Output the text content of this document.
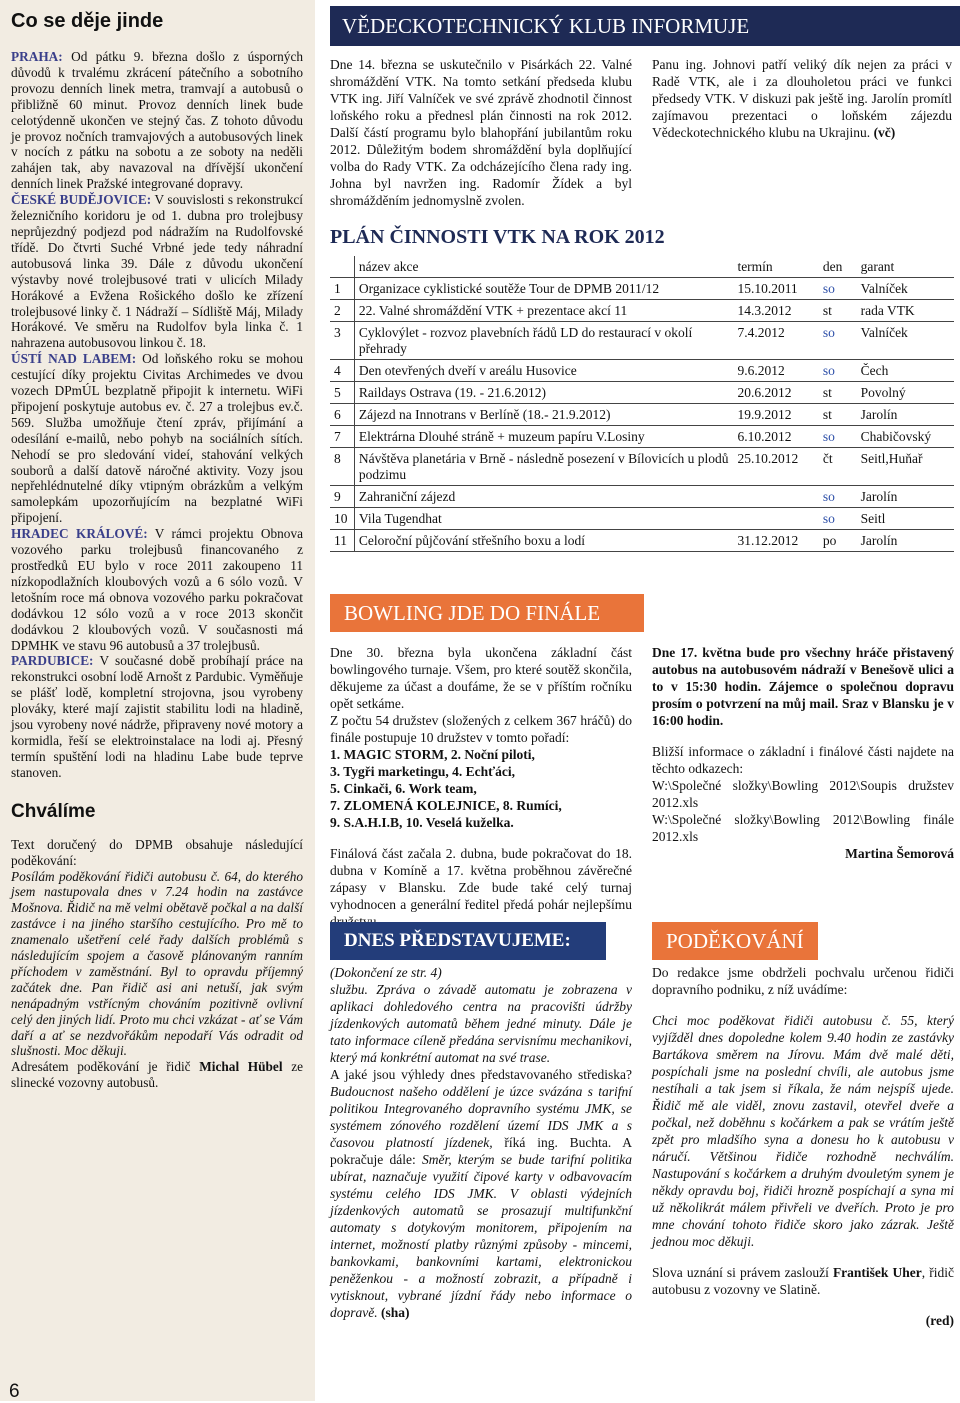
Co se děje jinde

PRAHA: Od pátku 9. března došlo z úsporných důvodů k trvalému zkrácení pátečního a sobotního provozu denních linek metra, tramvají a autobusů o přibližně 60 minut. Provoz denních linek bude celotýdenně ukončen ve stejný čas. Z tohoto důvodu je provoz nočních tramvajových a autobusových linek v nocích z pátku na sobotu a ze soboty na neděli zahájen tak, aby navazoval na dřívější ukončení denních linek Pražské integrované dopravy.

ČESKÉ BUDĚJOVICE: V souvislosti s rekonstrukcí železničního koridoru je od 1. dubna pro trolejbusy neprůjezdný podjezd pod nádražím na Rudolfovské třídě. Do čtvrti Suché Vrbné jede tedy náhradní autobusová linka 39. Dále z důvodu ukončení výstavby nové trolejbusové trati v ulicích Milady Horákové a Evžena Rošického došlo ke zřízení trolejbusové linky č. 1 Nádraží – Sídliště Máj, Milady Horákové. Ve směru na Rudolfov byla linka č. 1 nahrazena autobusovou linkou č. 18.

ÚSTÍ NAD LABEM: Od loňského roku se mohou cestující díky projektu Civitas Archimedes ve dvou vozech DPmÚL bezplatně připojit k internetu. WiFi připojení poskytuje autobus ev. č. 27 a trolejbus ev.č. 569. Služba umožňuje čtení zpráv, přijímání a odesílání e-mailů, nebo pohyb na sociálních sítích. Nehodí se pro sledování videí, stahování velkých souborů a další datově náročné aktivity. Vozy jsou nepřehlédnutelné díky vtipným obrázkům a velkým samolepkám upozorňujícím na bezplatné WiFi připojení.

HRADEC KRÁLOVÉ: V rámci projektu Obnova vozového parku trolejbusů financovaného z prostředků EU bylo v roce 2011 zakoupeno 11 nízkopodlažních kloubových vozů a 6 sólo vozů. V letošním roce má obnova vozového parku pokračovat dodávkou 12 sólo vozů a v roce 2013 skončit dodávkou 2 kloubových vozů. V současnosti má DPMHK ve stavu 96 autobusů a 37 trolejbusů.

PARDUBICE: V současné době probíhají práce na rekonstrukci osobní lodě Arnošt z Pardubic. Vyměňuje se plášť lodě, kompletní strojovna, jsou vyrobeny plováky, které mají zajistit stabilitu lodi na hladině, jsou vyrobeny nové nádrže, připraveny nové motory a kormidla, řeší se elektroinstalace na lodi aj. Přesný termín spuštění lodi na hladinu Labe bude teprve stanoven.

Chválíme

Text doručený do DPMB obsahuje následující poděkování:

Posílám poděkování řidiči autobusu č. 64, do kterého jsem nastupovala dnes v 7.24 hodin na zastávce Mošnova. Řidič na mě velmi obětavě počkal a na další zastávce i na jiného staršího cestujícího. Pro mě to znamenalo ušetření celé řady dalších problémů s následujícím spojem a časově plánovaným ranním příchodem v zaměstnání. Byl to opravdu příjemný začátek dne. Pan řidič asi ani netuší, jak svým nenápadným vstřícným chováním pozitivně ovlivní celý den jiných lidí. Proto mu chci vzkázat - ať se Vám daří a ať se nezdvořákům nepodaří Vás odradit od slušnosti. Moc děkuji.

Adresátem poděkování je řidič Michal Hübel ze slinecké vozovny autobusů.

6
VĚDECKOTECHNICKÝ KLUB INFORMUJE
Dne 14. března se uskutečnilo v Pisárkách 22. Valné shromáždění VTK. Na tomto setkání předseda klubu VTK ing. Jiří Valníček ve své zprávě zhodnotil činnost loňského roku a přednesl plán činnosti na rok 2012. Další částí programu bylo blahopřání jubilantům roku 2012. Důležitým bodem shromáždění byla doplňující volba do Rady VTK. Za odcházejícího člena rady ing. Johna byl navržen ing. Radomír Žídek a byl shromážděním jednomyslně zvolen.
Panu ing. Johnovi patří veliký dík nejen za práci v Radě VTK, ale i za dlouholetou práci ve funkci předsedy VTK. V diskuzi pak ještě ing. Jarolín promítl zajímavou prezentaci o loňském zájezdu Vědeckotechnického klubu na Ukrajinu. (vč)
PLÁN ČINNOSTI VTK NA ROK 2012
	název akce	termín	den	garant
1	Organizace cyklistické soutěže Tour de DPMB 2011/12	15.10.2011	so	Valníček
2	22. Valné shromáždění VTK + prezentace akcí 11	14.3.2012	st	rada VTK
3	Cyklovýlet - rozvoz plavebních řádů LD do restaurací v okolí přehrady	7.4.2012	so	Valníček
4	Den otevřených dveří v areálu Husovice	9.6.2012	so	Čech
5	Raildays Ostrava (19. - 21.6.2012)	20.6.2012	st	Povolný
6	Zájezd na Innotrans v Berlíně (18.- 21.9.2012)	19.9.2012	st	Jarolín
7	Elektrárna Dlouhé stráně + muzeum papíru V.Losiny	6.10.2012	so	Chabičovský
8	Návštěva planetária v Brně - následně posezení v Bílovicích u plodů podzimu	25.10.2012	čt	Seitl,Huňař
9	Zahraniční zájezd		so	Jarolín
10	Vila Tugendhat		so	Seitl
11	Celoroční půjčování střešního boxu a lodí	31.12.2012	po	Jarolín
BOWLING JDE DO FINÁLE

Dne 30. března byla ukončena základní část bowlingového turnaje. Všem, pro které soutěž skončila, děkujeme za účast a doufáme, že se v příštím ročníku opět setkáme.

Z počtu 54 družstev (složených z celkem 367 hráčů) do finále postupuje 10 družstev v tomto pořadí:

1. MAGIC STORM, 2. Noční piloti,
3. Tygři marketingu, 4. Echťáci,
5. Cinkači, 6. Work team,
7. ZLOMENÁ KOLEJNICE, 8. Rumíci,
9. S.A.H.I.B, 10. Veselá kuželka.

Finálová část začala 2. dubna, bude pokračovat do 18. dubna v Komíně a 17. května proběhnou závěrečné zápasy v Blansku. Zde bude také celý turnaj vyhodnocen a generální ředitel předá pohár nejlepšímu

Dne 17. května bude pro všechny hráče přistavený autobus na autobusovém nádraží v Benešově ulici a to v 15:30 hodin. Zájemce o společnou dopravu prosím o potvrzení na můj mail. Sraz v Blansku je v 16:00 hodin.

Bližší informace o základní i finálové části najdete na těchto odkazech:

W:\Společné složky\Bowling 2012\Soupis družstev 2012.xls

W:\Společné složky\Bowling 2012\Bowling finále 2012.xls

Martina Šemorová

DNES PŘEDSTAVUJEME:

(Dokončení ze str. 4)

službu. Zpráva o závadě automatu je zobrazena v aplikaci dohledového centra na pracovišti údržby jízdenkových automatů během jedné minuty. Dále je tato informace cíleně předána servisnímu mechanikovi, který má konkrétní automat na své trase.

A jaké jsou výhledy dnes představovaného střediska? Budoucnost našeho oddělení je úzce svázána s tarifní politikou Integrovaného dopravního systému JMK, se systémem zónového rozdělení území IDS JMK a s časovou platností jízdenek, říká ing. Buchta. A pokračuje dále: Směr, kterým se bude tarifní politika ubírat, naznačuje využití čipové karty v odbavovacím systému celého IDS JMK. V oblasti výdejních jízdenkových automatů se prosazují multifunkční automaty s dotykovým monitorem, připojením na internet, možností platby různými způsoby - mincemi, bankovkami, bankovními kartami, elektronickou peněženkou - a možností zobrazit, a případně i vytisknout, vybrané jízdní řády nebo informace o dopravě. (sha)

PODĚKOVÁNÍ

Do redakce jsme obdrželi pochvalu určenou řidiči dopravního podniku, z níž uvádíme:

Chci moc poděkovat řidiči autobusu č. 55, který vyjížděl dnes dopoledne kolem 9.40 hodin ze zastávky Bartákova směrem na Jírovu. Mám dvě malé děti, pospíchali jsme na poslední chvíli, ale autobus jsme nestíhali a tak jsem si říkala, že nám nejspíš ujede. Řidič mě ale viděl, znovu zastavil, otevřel dveře a počkal, než doběhnu s kočárkem a pak se vrátím ještě zpět pro mladšího syna a donesu ho k autobusu v náručí. Většinou řidiče rozhodně nechválím. Nastupování s kočárkem a druhým dvouletým synem je někdy opravdu boj, řidiči hrozně pospíchají a syna mi už několikrát málem přivřeli ve dveřích. Proto je pro mne chování tohoto řidiče skoro jako zázrak. Ještě jednou moc děkuji.

Slova uznání si právem zaslouží František Uher, řidič autobusu z vozovny ve Slatině.

(red)
